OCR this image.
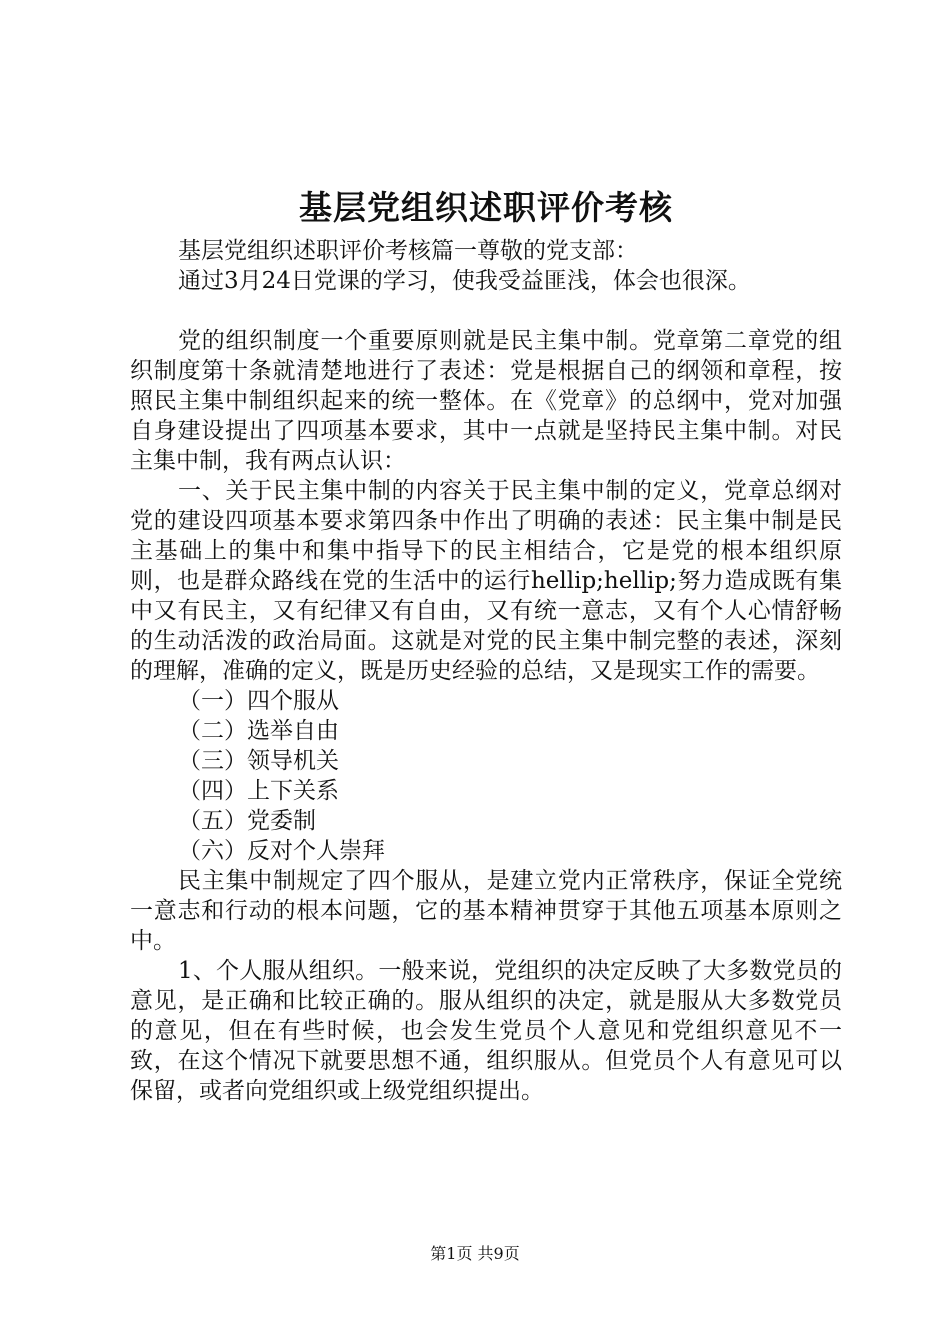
基层党组织述职评价考核

基层党组织述职评价考核篇一尊敬的党支部：

通过3月24日党课的学习，使我受益匪浅，体会也很深。

党的组织制度一个重要原则就是民主集中制。党章第二章党的组织制度第十条就清楚地进行了表述：党是根据自己的纲领和章程，按照民主集中制组织起来的统一整体。在《党章》的总纲中，党对加强自身建设提出了四项基本要求，其中一点就是坚持民主集中制。对民主集中制，我有两点认识：

一、关于民主集中制的内容关于民主集中制的定义，党章总纲对党的建设四项基本要求第四条中作出了明确的表述：民主集中制是民主基础上的集中和集中指导下的民主相结合，它是党的根本组织原则，也是群众路线在党的生活中的运行hellip;hellip;努力造成既有集中又有民主，又有纪律又有自由，又有统一意志，又有个人心情舒畅的生动活泼的政治局面。这就是对党的民主集中制完整的表述，深刻的理解，准确的定义，既是历史经验的总结，又是现实工作的需要。

（一）四个服从

（二）选举自由

（三）领导机关

（四）上下关系

（五）党委制

（六）反对个人崇拜

民主集中制规定了四个服从，是建立党内正常秩序，保证全党统一意志和行动的根本问题，它的基本精神贯穿于其他五项基本原则之中。

1、个人服从组织。一般来说，党组织的决定反映了大多数党员的意见，是正确和比较正确的。服从组织的决定，就是服从大多数党员的意见，但在有些时候，也会发生党员个人意见和党组织意见不一致，在这个情况下就要思想不通，组织服从。但党员个人有意见可以保留，或者向党组织或上级党组织提出。

第1页 共9页
